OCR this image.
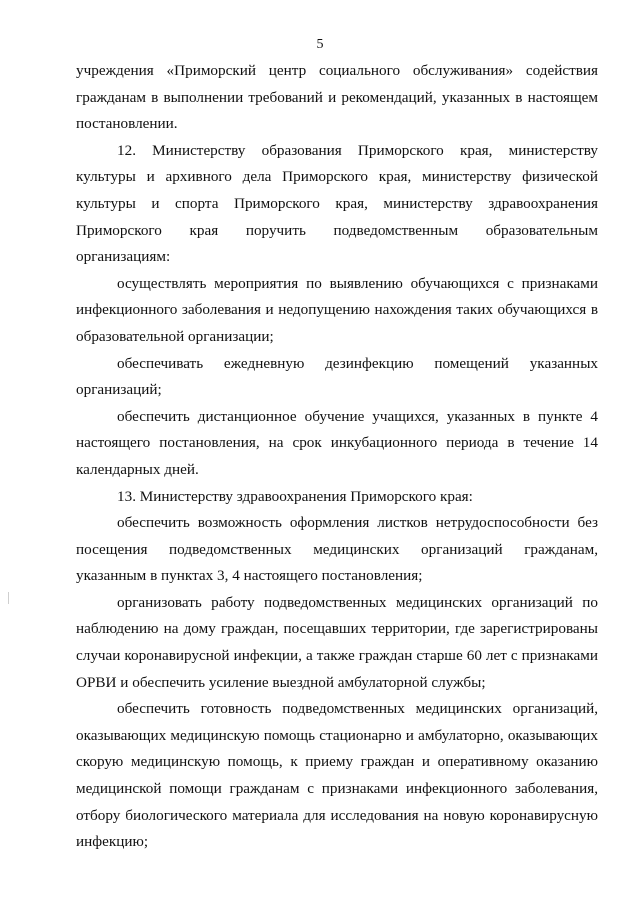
5

учреждения «Приморский центр социального обслуживания» содействия гражданам в выполнении требований и рекомендаций, указанных в настоящем постановлении.

12. Министерству образования Приморского края, министерству культуры и архивного дела Приморского края, министерству физической культуры и спорта Приморского края, министерству здравоохранения Приморского края поручить подведомственным образовательным организациям:

осуществлять мероприятия по выявлению обучающихся с признаками инфекционного заболевания и недопущению нахождения таких обучающихся в образовательной организации;

обеспечивать ежедневную дезинфекцию помещений указанных организаций;

обеспечить дистанционное обучение учащихся, указанных в пункте 4 настоящего постановления, на срок инкубационного периода в течение 14 календарных дней.

13. Министерству здравоохранения Приморского края:

обеспечить возможность оформления листков нетрудоспособности без посещения подведомственных медицинских организаций гражданам, указанным в пунктах 3, 4 настоящего постановления;

организовать работу подведомственных медицинских организаций по наблюдению на дому граждан, посещавших территории, где зарегистрированы случаи коронавирусной инфекции, а также граждан старше 60 лет с признаками ОРВИ и обеспечить усиление выездной амбулаторной службы;

обеспечить готовность подведомственных медицинских организаций, оказывающих медицинскую помощь стационарно и амбулаторно, оказывающих скорую медицинскую помощь, к приему граждан и оперативному оказанию медицинской помощи гражданам с признаками инфекционного заболевания, отбору биологического материала для исследования на новую коронавирусную инфекцию;
